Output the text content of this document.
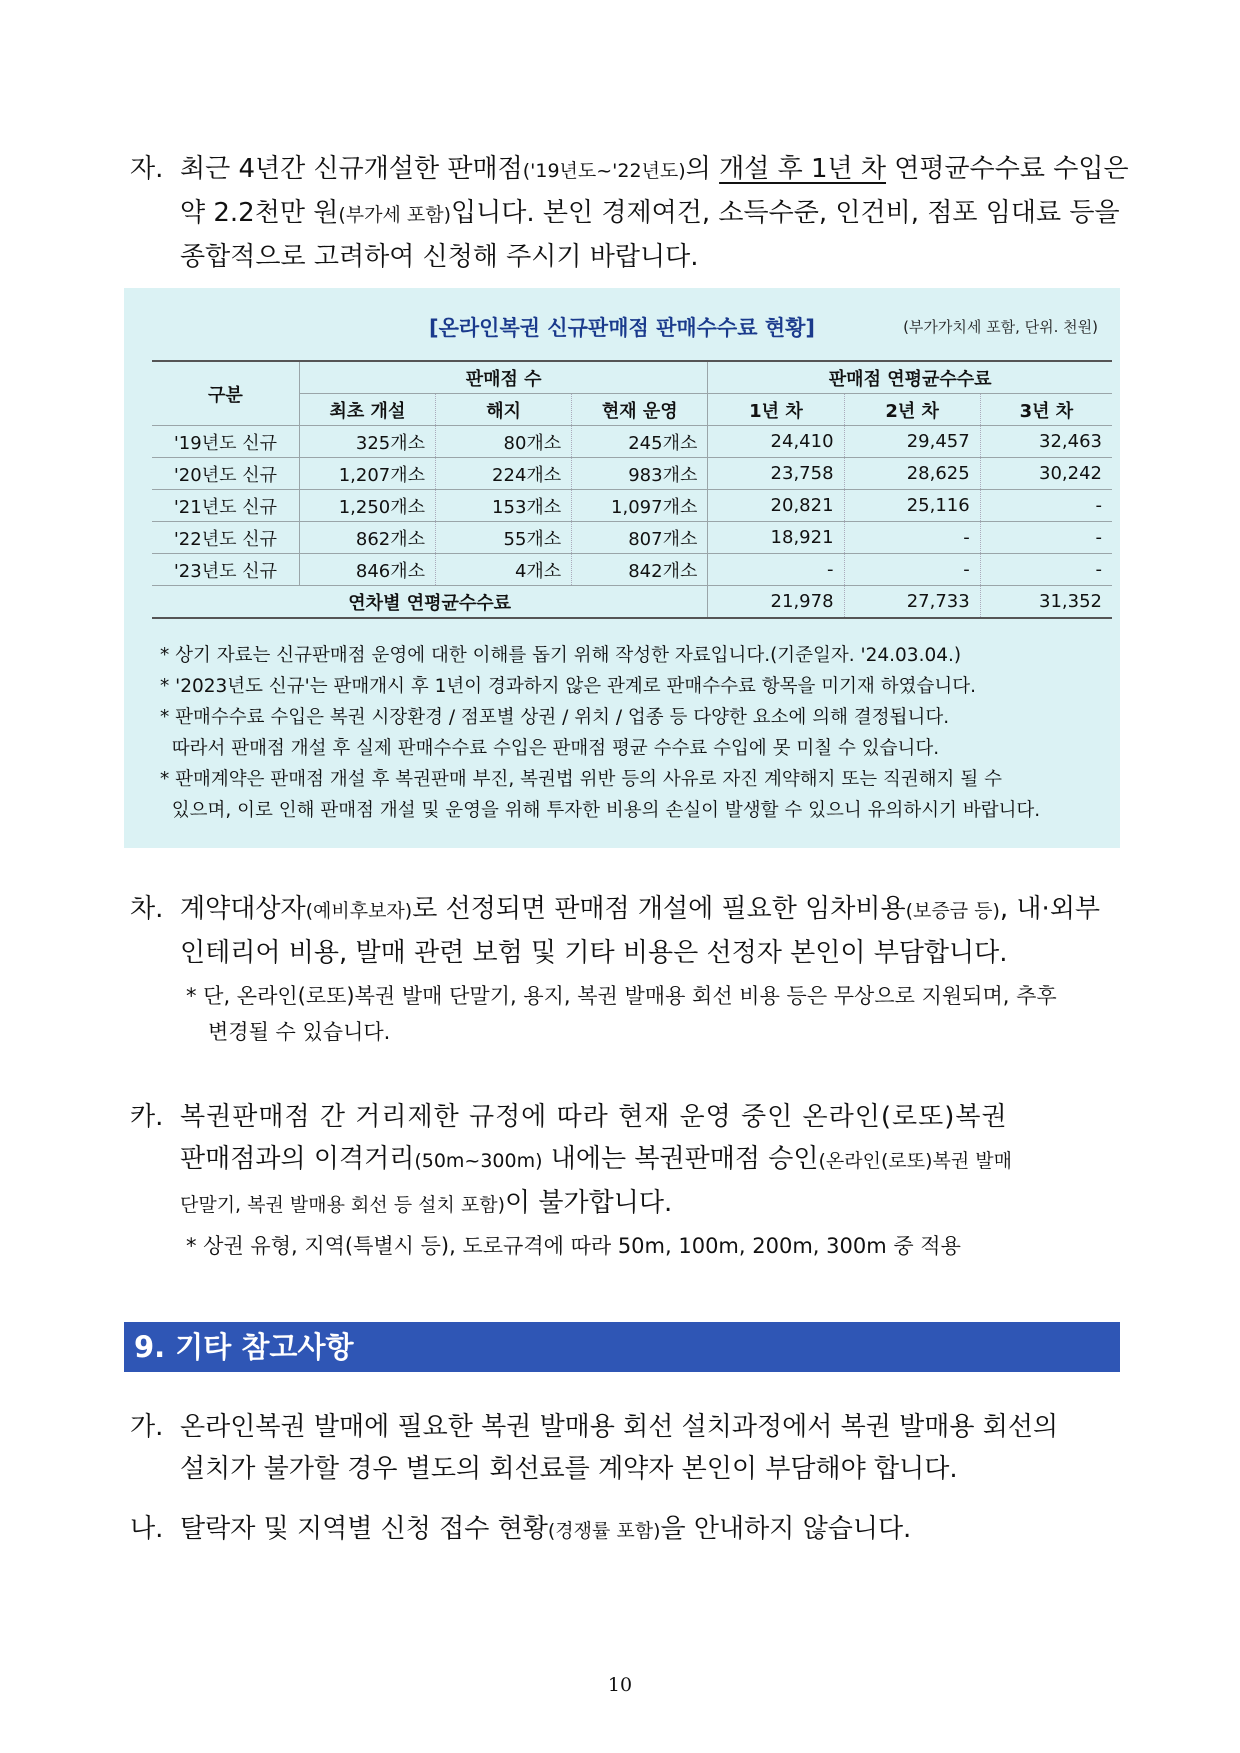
자. 최근 4년간 신규개설한 판매점('19년도~'22년도)의 개설 후 1년 차 연평균수수료 수입은
약 2.2천만 원(부가세 포함)입니다. 본인 경제여건, 소득수준, 인건비, 점포 임대료 등을
종합적으로 고려하여 신청해 주시기 바랍니다.
[온라인복권 신규판매점 판매수수료 현황]	(부가가치세 포함, 단위. 천원)
구분	판매점 수			판매점 연평균수수료		
	최초 개설	해지	현재 운영	1년 차	2년 차	3년 차
'19년도 신규	325개소	80개소	245개소	24,410	29,457	32,463
'20년도 신규	1,207개소	224개소	983개소	23,758	28,625	30,242
'21년도 신규	1,250개소	153개소	1,097개소	20,821	25,116	-
'22년도 신규	862개소	55개소	807개소	18,921	-	-
'23년도 신규	846개소	4개소	842개소	-	-	-
연차별 연평균수수료				21,978	27,733	31,352
* 상기 자료는 신규판매점 운영에 대한 이해를 돕기 위해 작성한 자료입니다.(기준일자. '24.03.04.)
* '2023년도 신규'는 판매개시 후 1년이 경과하지 않은 관계로 판매수수료 항목을 미기재 하였습니다.
* 판매수수료 수입은 복권 시장환경 / 점포별 상권 / 위치 / 업종 등 다양한 요소에 의해 결정됩니다.
따라서 판매점 개설 후 실제 판매수수료 수입은 판매점 평균 수수료 수입에 못 미칠 수 있습니다.
* 판매계약은 판매점 개설 후 복권판매 부진, 복권법 위반 등의 사유로 자진 계약해지 또는 직권해지 될 수
있으며, 이로 인해 판매점 개설 및 운영을 위해 투자한 비용의 손실이 발생할 수 있으니 유의하시기 바랍니다.
차. 계약대상자(예비후보자)로 선정되면 판매점 개설에 필요한 임차비용(보증금 등), 내·외부
인테리어 비용, 발매 관련 보험 및 기타 비용은 선정자 본인이 부담합니다.
* 단, 온라인(로또)복권 발매 단말기, 용지, 복권 발매용 회선 비용 등은 무상으로 지원되며, 추후
변경될 수 있습니다.
카. 복권판매점 간 거리제한 규정에 따라 현재 운영 중인 온라인(로또)복권
판매점과의 이격거리(50m~300m) 내에는 복권판매점 승인(온라인(로또)복권 발매
단말기, 복권 발매용 회선 등 설치 포함)이 불가합니다.
* 상권 유형, 지역(특별시 등), 도로규격에 따라 50m, 100m, 200m, 300m 중 적용
9. 기타 참고사항
가. 온라인복권 발매에 필요한 복권 발매용 회선 설치과정에서 복권 발매용 회선의
설치가 불가할 경우 별도의 회선료를 계약자 본인이 부담해야 합니다.
나. 탈락자 및 지역별 신청 접수 현황(경쟁률 포함)을 안내하지 않습니다.
10
